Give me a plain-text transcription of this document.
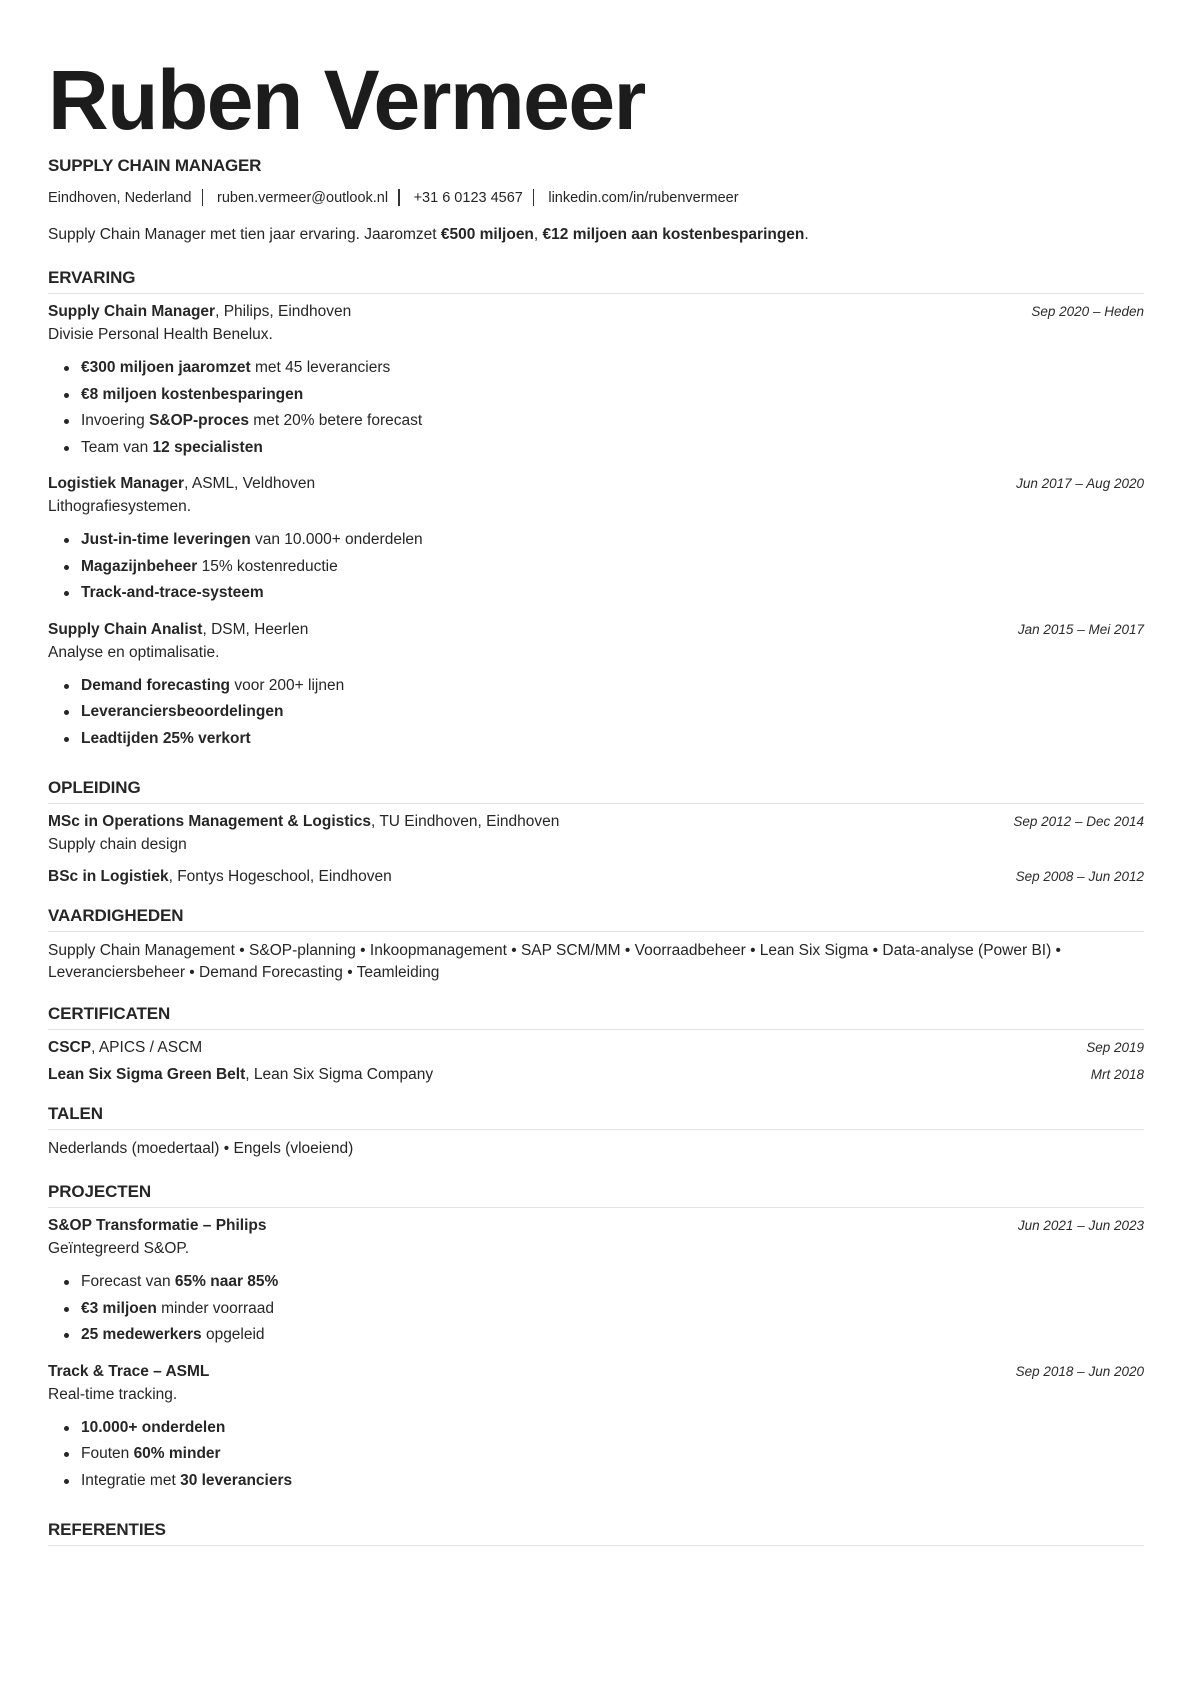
Ruben Vermeer
SUPPLY CHAIN MANAGER
Eindhoven, Nederland ruben.vermeer@outlook.nl +31 6 0123 4567 linkedin.com/in/rubenvermeer

Supply Chain Manager met tien jaar ervaring. Jaaromzet €500 miljoen, €12 miljoen aan kostenbesparingen.

ERVARING
Supply Chain Manager, Philips, Eindhoven	Sep 2020 – Heden
Divisie Personal Health Benelux.
€300 miljoen jaaromzet met 45 leveranciers
€8 miljoen kostenbesparingen
Invoering S&OP-proces met 20% betere forecast
Team van 12 specialisten
Logistiek Manager, ASML, Veldhoven	Jun 2017 – Aug 2020
Lithografiesystemen.
Just-in-time leveringen van 10.000+ onderdelen
Magazijnbeheer 15% kostenreductie
Track-and-trace-systeem
Supply Chain Analist, DSM, Heerlen	Jan 2015 – Mei 2017
Analyse en optimalisatie.
Demand forecasting voor 200+ lijnen
Leveranciersbeoordelingen
Leadtijden 25% verkort
OPLEIDING
MSc in Operations Management & Logistics, TU Eindhoven, Eindhoven	Sep 2012 – Dec 2014
Supply chain design
BSc in Logistiek, Fontys Hogeschool, Eindhoven	Sep 2008 – Jun 2012
VAARDIGHEDEN

Supply Chain Management • S&OP-planning • Inkoopmanagement • SAP SCM/MM • Voorraadbeheer • Lean Six Sigma • Data-analyse (Power BI) • Leveranciersbeheer • Demand Forecasting • Teamleiding

CERTIFICATEN
CSCP, APICS / ASCM	Sep 2019
Lean Six Sigma Green Belt, Lean Six Sigma Company	Mrt 2018
TALEN

Nederlands (moedertaal) • Engels (vloeiend)

PROJECTEN
S&OP Transformatie – Philips	Jun 2021 – Jun 2023
Geïntegreerd S&OP.
Forecast van 65% naar 85%
€3 miljoen minder voorraad
25 medewerkers opgeleid
Track & Trace – ASML	Sep 2018 – Jun 2020
Real-time tracking.
10.000+ onderdelen
Fouten 60% minder
Integratie met 30 leveranciers
REFERENTIES
